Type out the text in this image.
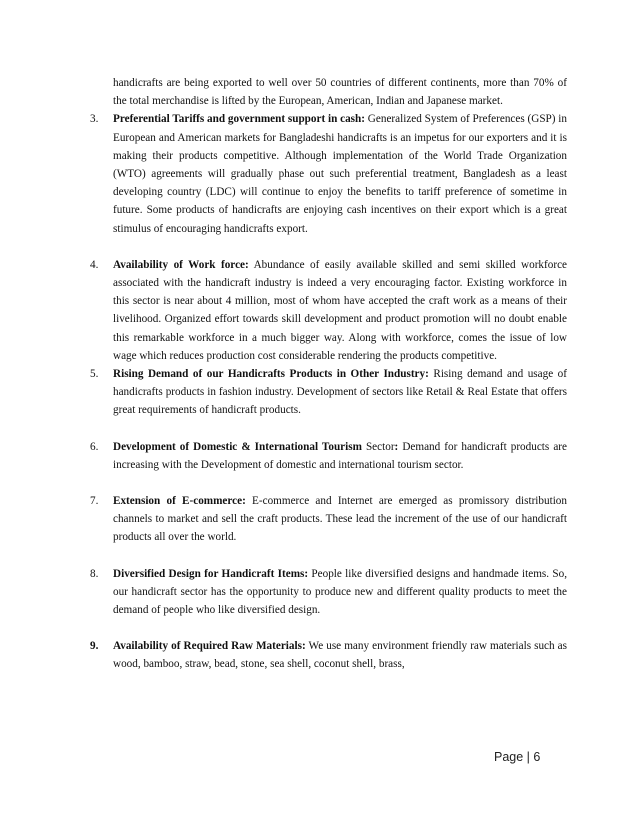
handicrafts are being exported to well over 50 countries of different continents, more than 70% of the total merchandise is lifted by the European, American, Indian and Japanese market.
3. Preferential Tariffs and government support in cash: Generalized System of Preferences (GSP) in European and American markets for Bangladeshi handicrafts is an impetus for our exporters and it is making their products competitive. Although implementation of the World Trade Organization (WTO) agreements will gradually phase out such preferential treatment, Bangladesh as a least developing country (LDC) will continue to enjoy the benefits to tariff preference of sometime in future. Some products of handicrafts are enjoying cash incentives on their export which is a great stimulus of encouraging handicrafts export.
4. Availability of Work force: Abundance of easily available skilled and semi skilled workforce associated with the handicraft industry is indeed a very encouraging factor. Existing workforce in this sector is near about 4 million, most of whom have accepted the craft work as a means of their livelihood. Organized effort towards skill development and product promotion will no doubt enable this remarkable workforce in a much bigger way. Along with workforce, comes the issue of low wage which reduces production cost considerable rendering the products competitive.
5. Rising Demand of our Handicrafts Products in Other Industry: Rising demand and usage of handicrafts products in fashion industry. Development of sectors like Retail & Real Estate that offers great requirements of handicraft products.
6. Development of Domestic & International Tourism Sector: Demand for handicraft products are increasing with the Development of domestic and international tourism sector.
7. Extension of E-commerce: E-commerce and Internet are emerged as promissory distribution channels to market and sell the craft products. These lead the increment of the use of our handicraft products all over the world.
8. Diversified Design for Handicraft Items: People like diversified designs and handmade items. So, our handicraft sector has the opportunity to produce new and different quality products to meet the demand of people who like diversified design.
9. Availability of Required Raw Materials: We use many environment friendly raw materials such as wood, bamboo, straw, bead, stone, sea shell, coconut shell, brass,
Page | 6
